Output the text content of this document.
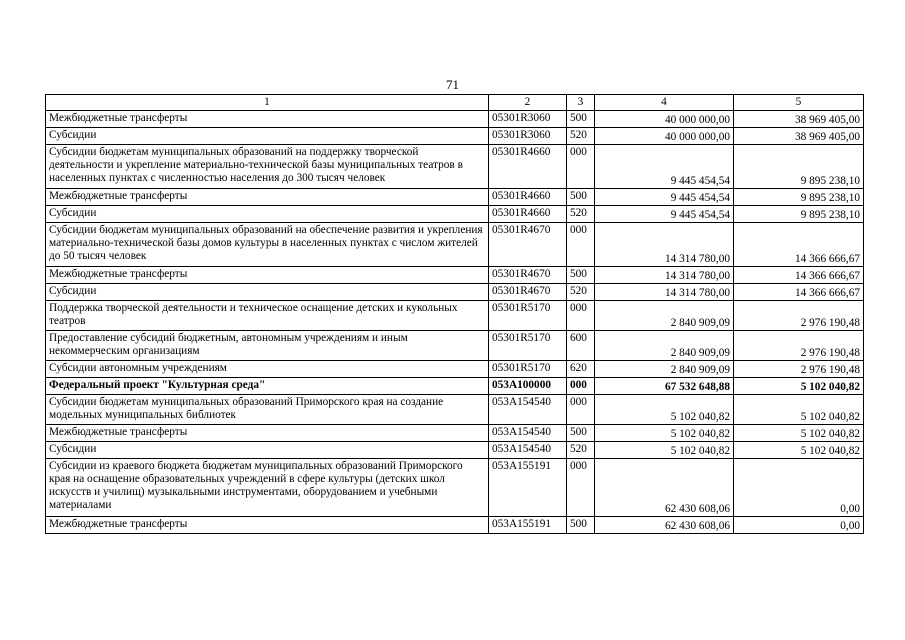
71
1	2	3	4	5
Межбюджетные трансферты	05301R3060	500	40 000 000,00	38 969 405,00
Субсидии	05301R3060	520	40 000 000,00	38 969 405,00
Субсидии бюджетам муниципальных образований на поддержку творческой деятельности и укрепление материально-технической базы муниципальных театров в населенных пунктах с численностью населения до 300 тысяч человек	05301R4660	000	9 445 454,54	9 895 238,10
Межбюджетные трансферты	05301R4660	500	9 445 454,54	9 895 238,10
Субсидии	05301R4660	520	9 445 454,54	9 895 238,10
Субсидии бюджетам муниципальных образований на обеспечение развития и укрепления материально-технической базы домов культуры в населенных пунктах с числом жителей до 50 тысяч человек	05301R4670	000	14 314 780,00	14 366 666,67
Межбюджетные трансферты	05301R4670	500	14 314 780,00	14 366 666,67
Субсидии	05301R4670	520	14 314 780,00	14 366 666,67
Поддержка творческой деятельности и техническое оснащение детских и кукольных театров	05301R5170	000	2 840 909,09	2 976 190,48
Предоставление субсидий бюджетным, автономным учреждениям и иным некоммерческим организациям	05301R5170	600	2 840 909,09	2 976 190,48
Субсидии автономным учреждениям	05301R5170	620	2 840 909,09	2 976 190,48
Федеральный проект "Культурная среда"	053A100000	000	67 532 648,88	5 102 040,82
Субсидии бюджетам муниципальных образований Приморского края на создание модельных муниципальных библиотек	053A154540	000	5 102 040,82	5 102 040,82
Межбюджетные трансферты	053A154540	500	5 102 040,82	5 102 040,82
Субсидии	053A154540	520	5 102 040,82	5 102 040,82
Субсидии из краевого бюджета бюджетам муниципальных образований Приморского края на оснащение образовательных учреждений в сфере культуры (детских школ искусств и училищ) музыкальными инструментами, оборудованием и учебными материалами	053A155191	000	62 430 608,06	0,00
Межбюджетные трансферты	053A155191	500	62 430 608,06	0,00
